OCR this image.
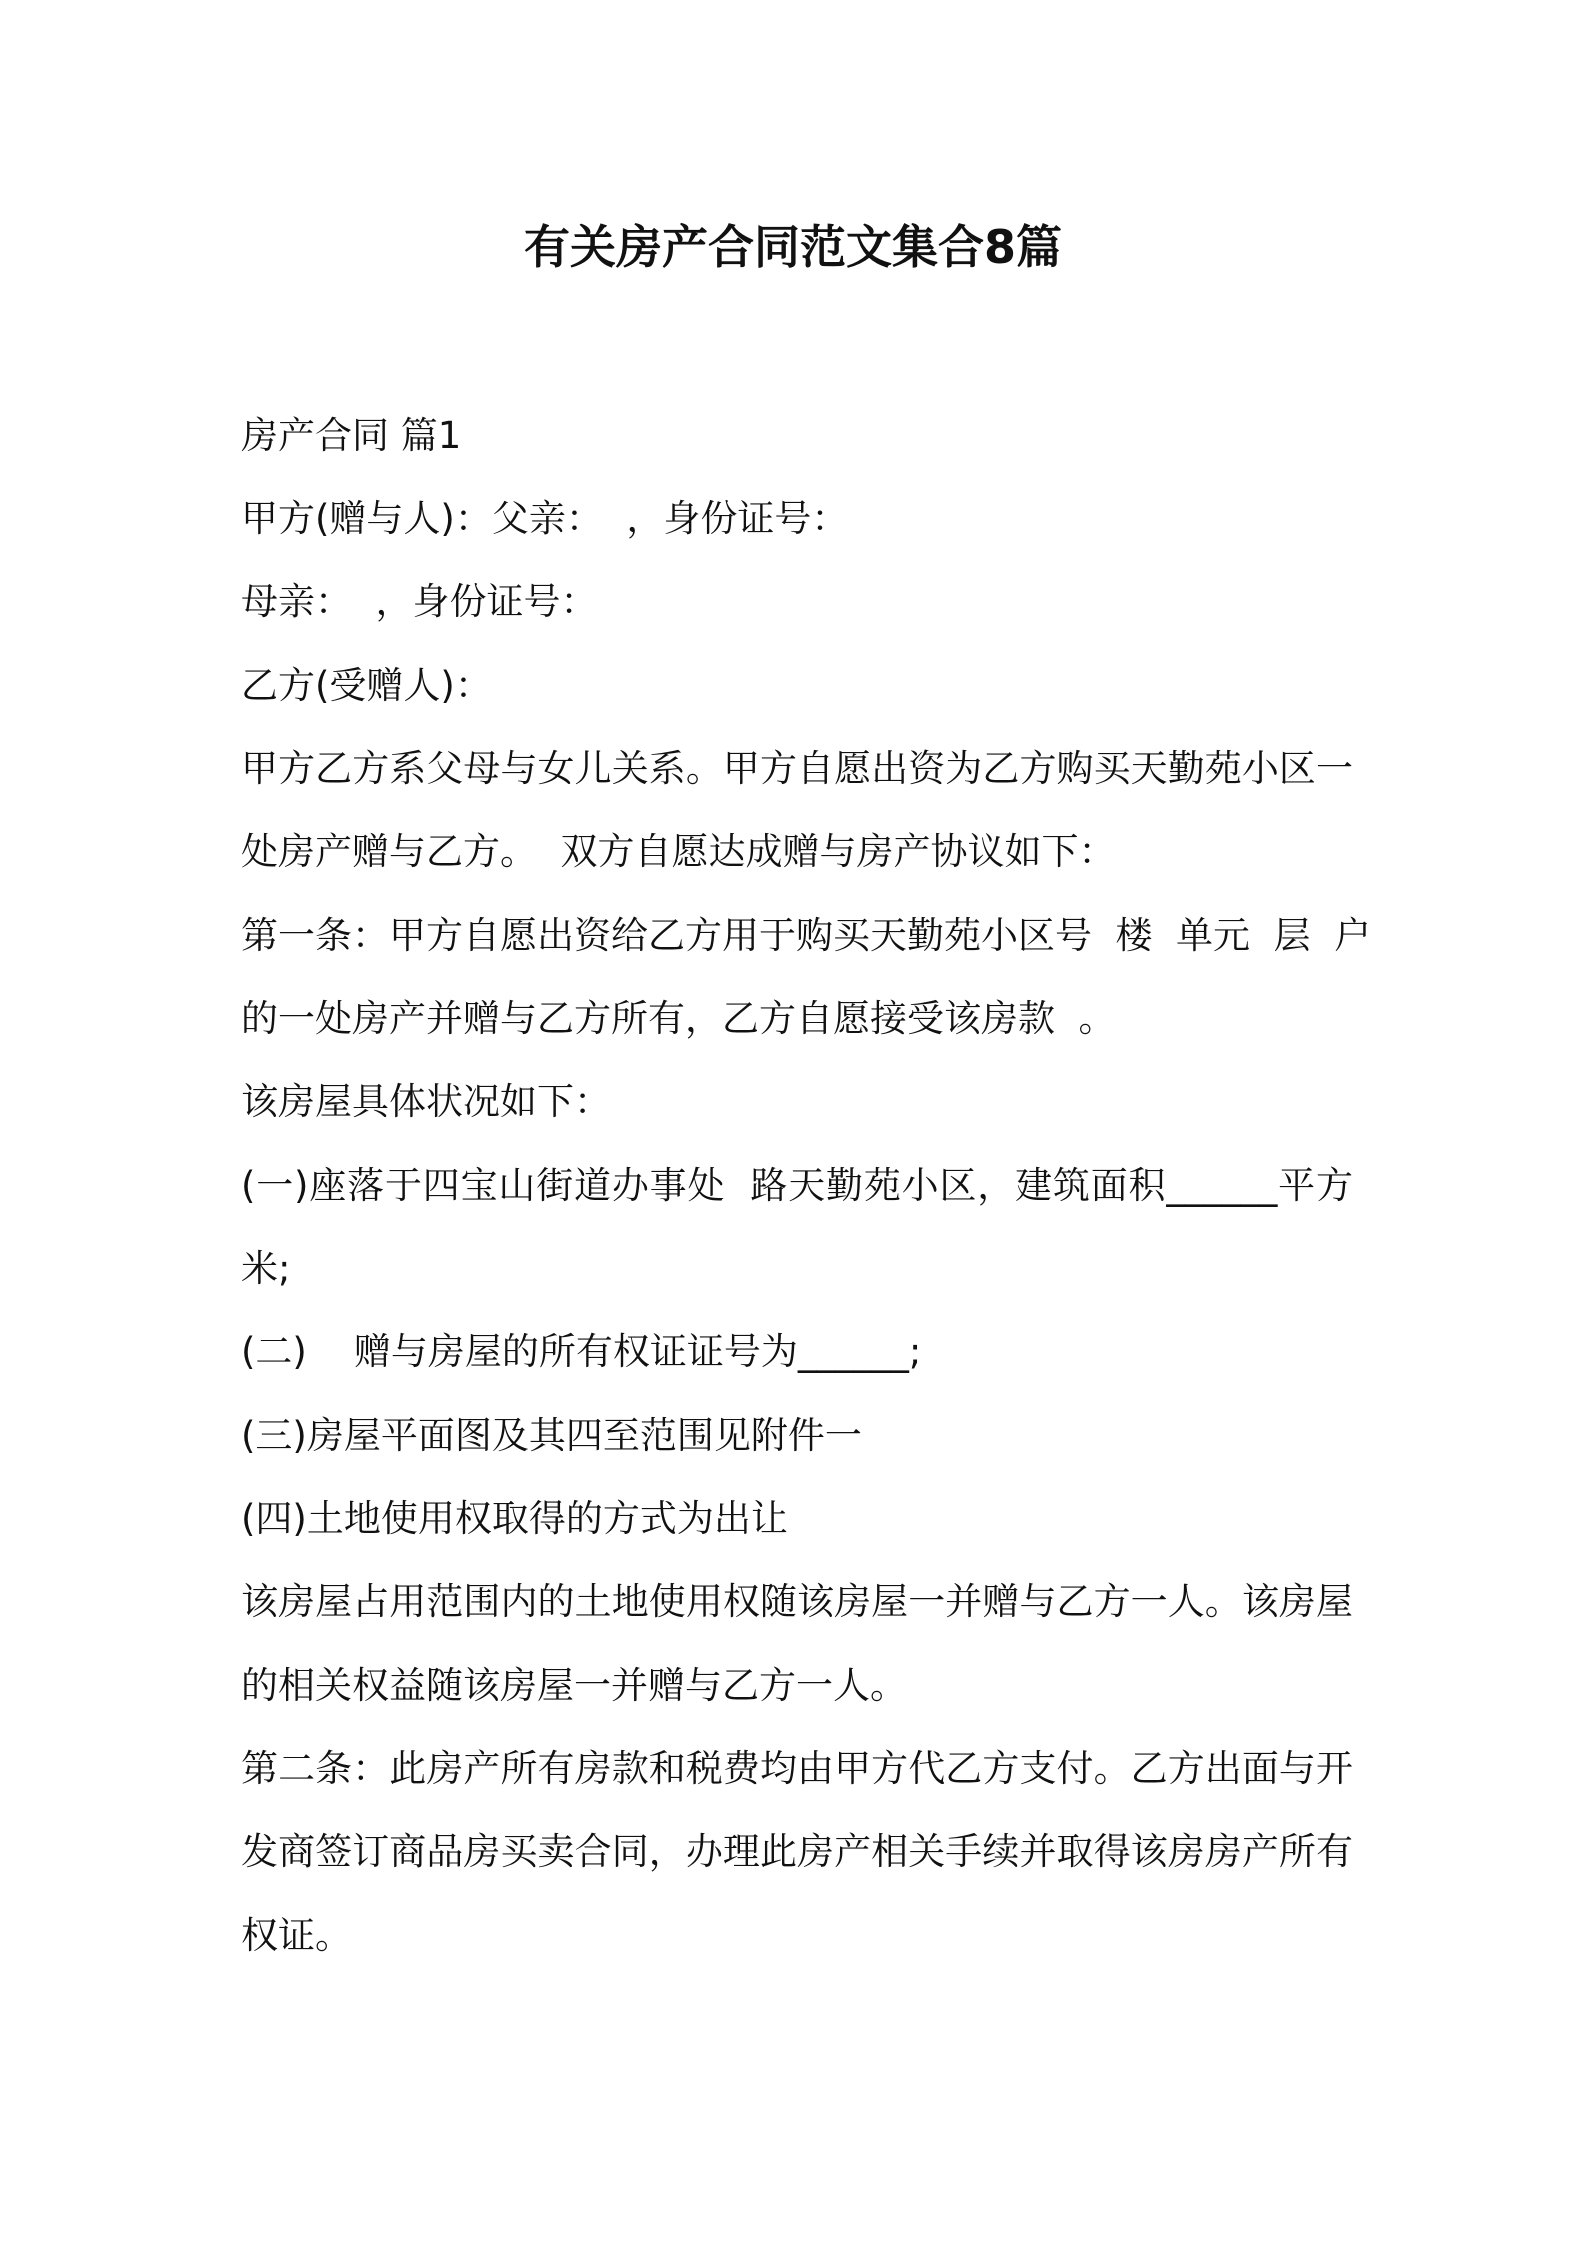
有关房产合同范文集合8篇
房产合同 篇1
甲方(赠与人)：父亲：  ，身份证号：
母亲：  ，身份证号：
乙方(受赠人)：
甲方乙方系父母与女儿关系。甲方自愿出资为乙方购买天勤苑小区一
处房产赠与乙方。  双方自愿达成赠与房产协议如下：
第一条：甲方自愿出资给乙方用于购买天勤苑小区号  楼  单元  层  户
的一处房产并赠与乙方所有，乙方自愿接受该房款  。
该房屋具体状况如下：
(一)座落于四宝山街道办事处  路天勤苑小区，建筑面积______平方
米;
(二)    赠与房屋的所有权证证号为______;
(三)房屋平面图及其四至范围见附件一
(四)土地使用权取得的方式为出让
该房屋占用范围内的土地使用权随该房屋一并赠与乙方一人。该房屋
的相关权益随该房屋一并赠与乙方一人。
第二条：此房产所有房款和税费均由甲方代乙方支付。乙方出面与开
发商签订商品房买卖合同，办理此房产相关手续并取得该房房产所有
权证。
